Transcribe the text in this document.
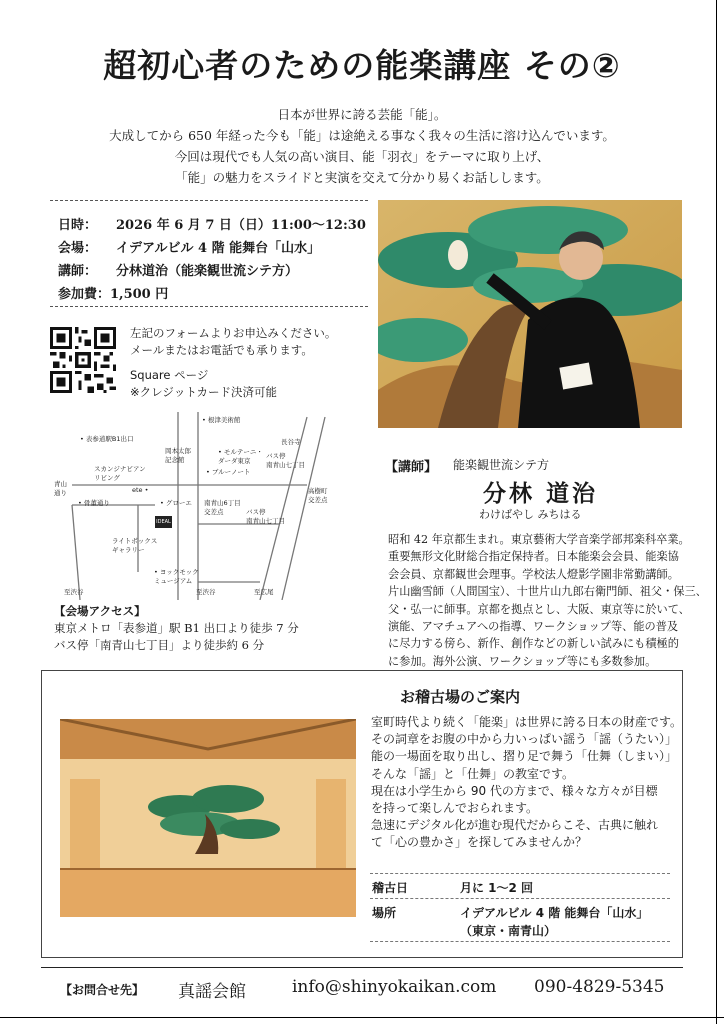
超初心者のための能楽講座 その②
日本が世界に誇る芸能「能」。
大成してから 650 年経った今も「能」は途絶える事なく我々の生活に溶け込んでいます。
今回は現代でも人気の高い演目、能「羽衣」をテーマに取り上げ、
「能」の魅力をスライドと実演を交えて分かり易くお話しします。
日時： 2026 年 6 月 7 日（日）11:00〜12:30
会場： イデアルビル 4 階 能舞台「山水」
講師： 分林道治（能楽観世流シテ方）
参加費：1,500 円
左記のフォームよりお申込みください。
メールまたはお電話でも承ります。
Square ページ
※クレジットカード決済可能
• 表参道駅B1出口
• 根津美術館
岡本太郎
記念館
• モルテーニ・
ダーダ東京
長谷寺
スカンジナビアン
リビング
• ブルーノート
バス停
南青山七丁目
青山
通り	ete •
• 骨董通り	• グローエ 南青山6丁目
交差点
高樹町
交差点
バス停
南青山七丁目
ライトボックス
ギャラリー
IDEAL
• ヨックモック
ミュージアム
至渋谷	至渋谷	至広尾
【会場アクセス】
東京メトロ「表参道」駅 B1 出口より徒歩 7 分
バス停「南青山七丁目」より徒歩約 6 分
【講師】 能楽観世流シテ方
分林 道治
わけばやし みちはる
昭和 42 年京都生まれ。東京藝術大学音楽学部邦楽科卒業。
重要無形文化財総合指定保持者。日本能楽会会員、能楽協
会会員、京都観世会理事。学校法人燈影学園非常勤講師。
片山幽雪師（人間国宝）、十世片山九郎右衛門師、祖父・保三、
父・弘一に師事。京都を拠点とし、大阪、東京等に於いて、
演能、アマチュアへの指導、ワークショップ等、能の普及
に尽力する傍ら、新作、創作などの新しい試みにも積極的
に参加。海外公演、ワークショップ等にも多数参加。
お稽古場のご案内
室町時代より続く「能楽」は世界に誇る日本の財産です。
その詞章をお腹の中から力いっぱい謡う「謡（うたい）」
能の一場面を取り出し、摺り足で舞う「仕舞（しまい）」
そんな「謡」と「仕舞」の教室です。
現在は小学生から 90 代の方まで、様々な方々が目標
を持って楽しんでおられます。
急速にデジタル化が進む現代だからこそ、古典に触れ
て「心の豊かさ」を探してみませんか？
稽古日	月に 1〜2 回
場所	イデアルビル 4 階 能舞台「山水」
（東京・南青山）
【お問合せ先】 真謡会館	info@shinyokaikan.com 090-4829-5345
